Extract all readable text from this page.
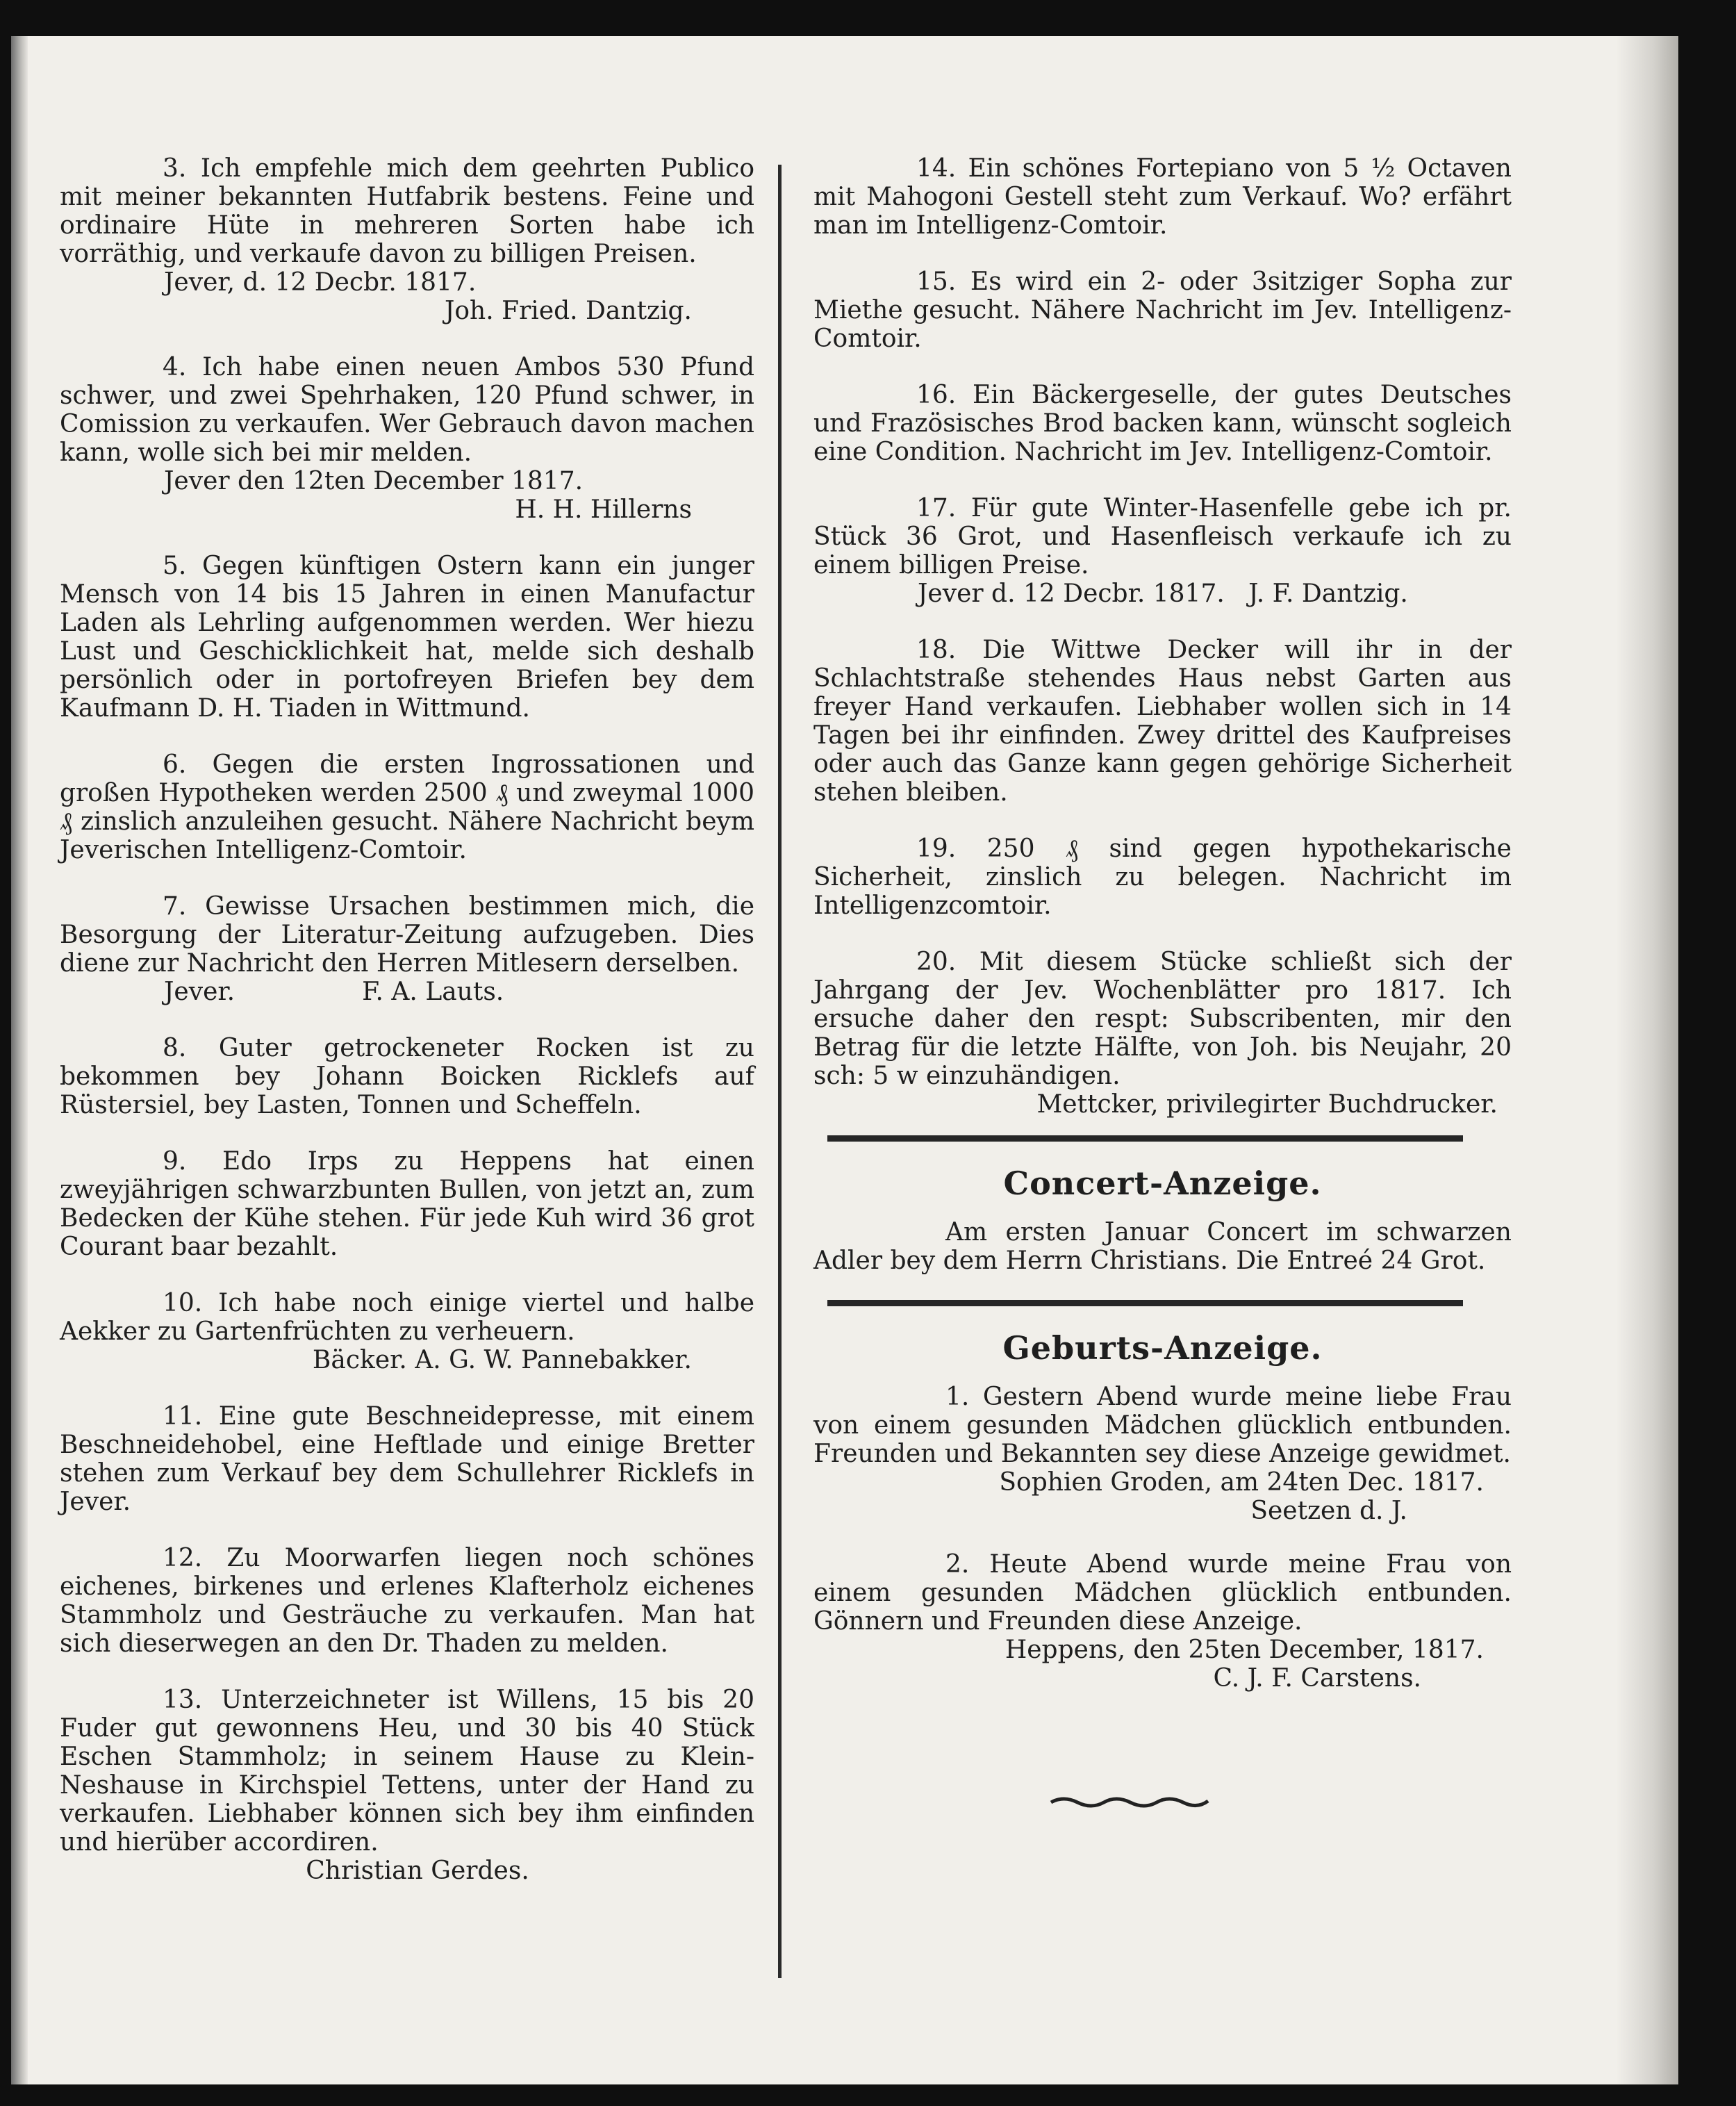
3. Ich empfehle mich dem geehrten Publico mit meiner bekannten Hutfabrik bestens. Feine und ordinaire Hüte in mehreren Sorten habe ich vorräthig, und verkaufe davon zu billigen Preisen.
Jever, d. 12 Decbr. 1817.
Joh. Fried. Dantzig.
4. Ich habe einen neuen Ambos 530 Pfund schwer, und zwei Spehrhaken, 120 Pfund schwer, in Comission zu verkaufen. Wer Gebrauch davon machen kann, wolle sich bei mir melden.
Jever den 12ten December 1817.
H. H. Hillerns
5. Gegen künftigen Ostern kann ein junger Mensch von 14 bis 15 Jahren in einen Manufactur Laden als Lehrling aufgenommen werden. Wer hiezu Lust und Geschicklichkeit hat, melde sich deshalb persönlich oder in portofreyen Briefen bey dem Kaufmann D. H. Tiaden in Wittmund.
6. Gegen die ersten Ingrossationen und großen Hypotheken werden 2500 ₰ und zweymal 1000 ₰ zinslich anzuleihen gesucht. Nähere Nachricht beym Jeverischen Intelligenz-Comtoir.
7. Gewisse Ursachen bestimmen mich, die Besorgung der Literatur-Zeitung aufzugeben. Dies diene zur Nachricht den Herren Mitlesern derselben.
Jever.                F. A. Lauts.
8. Guter getrockeneter Rocken ist zu bekommen bey Johann Boicken Ricklefs auf Rüstersiel, bey Lasten, Tonnen und Scheffeln.
9. Edo Irps zu Heppens hat einen zweyjährigen schwarzbunten Bullen, von jetzt an, zum Bedecken der Kühe stehen. Für jede Kuh wird 36 grot Courant baar bezahlt.
10. Ich habe noch einige viertel und halbe Aekker zu Gartenfrüchten zu verheuern.
Bäcker. A. G. W. Pannebakker.
11. Eine gute Beschneidepresse, mit einem Beschneidehobel, eine Heftlade und einige Bretter stehen zum Verkauf bey dem Schullehrer Ricklefs in Jever.
12. Zu Moorwarfen liegen noch schönes eichenes, birkenes und erlenes Klafterholz eichenes Stammholz und Gesträuche zu verkaufen. Man hat sich dieserwegen an den Dr. Thaden zu melden.
13. Unterzeichneter ist Willens, 15 bis 20 Fuder gut gewonnens Heu, und 30 bis 40 Stück Eschen Stammholz; in seinem Hause zu Klein-Neshause in Kirchspiel Tettens, unter der Hand zu verkaufen. Liebhaber können sich bey ihm einfinden und hierüber accordiren.
Christian Gerdes.
14. Ein schönes Fortepiano von 5 ½ Octaven mit Mahogoni Gestell steht zum Verkauf. Wo? erfährt man im Intelligenz-Comtoir.
15. Es wird ein 2- oder 3sitziger Sopha zur Miethe gesucht. Nähere Nachricht im Jev. Intelligenz-Comtoir.
16. Ein Bäckergeselle, der gutes Deutsches und Frazösisches Brod backen kann, wünscht sogleich eine Condition. Nachricht im Jev. Intelligenz-Comtoir.
17. Für gute Winter-Hasenfelle gebe ich pr. Stück 36 Grot, und Hasenfleisch verkaufe ich zu einem billigen Preise.
Jever d. 12 Decbr. 1817.   J. F. Dantzig.
18. Die Wittwe Decker will ihr in der Schlachtstraße stehendes Haus nebst Garten aus freyer Hand verkaufen. Liebhaber wollen sich in 14 Tagen bei ihr einfinden. Zwey drittel des Kaufpreises oder auch das Ganze kann gegen gehörige Sicherheit stehen bleiben.
19. 250 ₰ sind gegen hypothekarische Sicherheit, zinslich zu belegen. Nachricht im Intelligenzcomtoir.
20. Mit diesem Stücke schließt sich der Jahrgang der Jev. Wochenblätter pro 1817. Ich ersuche daher den respt: Subscribenten, mir den Betrag für die letzte Hälfte, von Joh. bis Neujahr, 20 sch: 5 w einzuhändigen.
Mettcker, privilegirter Buchdrucker.
Concert-Anzeige.
Am ersten Januar Concert im schwarzen Adler bey dem Herrn Christians. Die Entreé 24 Grot.
Geburts-Anzeige.
1. Gestern Abend wurde meine liebe Frau von einem gesunden Mädchen glücklich entbunden. Freunden und Bekannten sey diese Anzeige gewidmet.
Sophien Groden, am 24ten Dec. 1817.
Seetzen d. J.
2. Heute Abend wurde meine Frau von einem gesunden Mädchen glücklich entbunden. Gönnern und Freunden diese Anzeige.
Heppens, den 25ten December, 1817.
C. J. F. Carstens.
